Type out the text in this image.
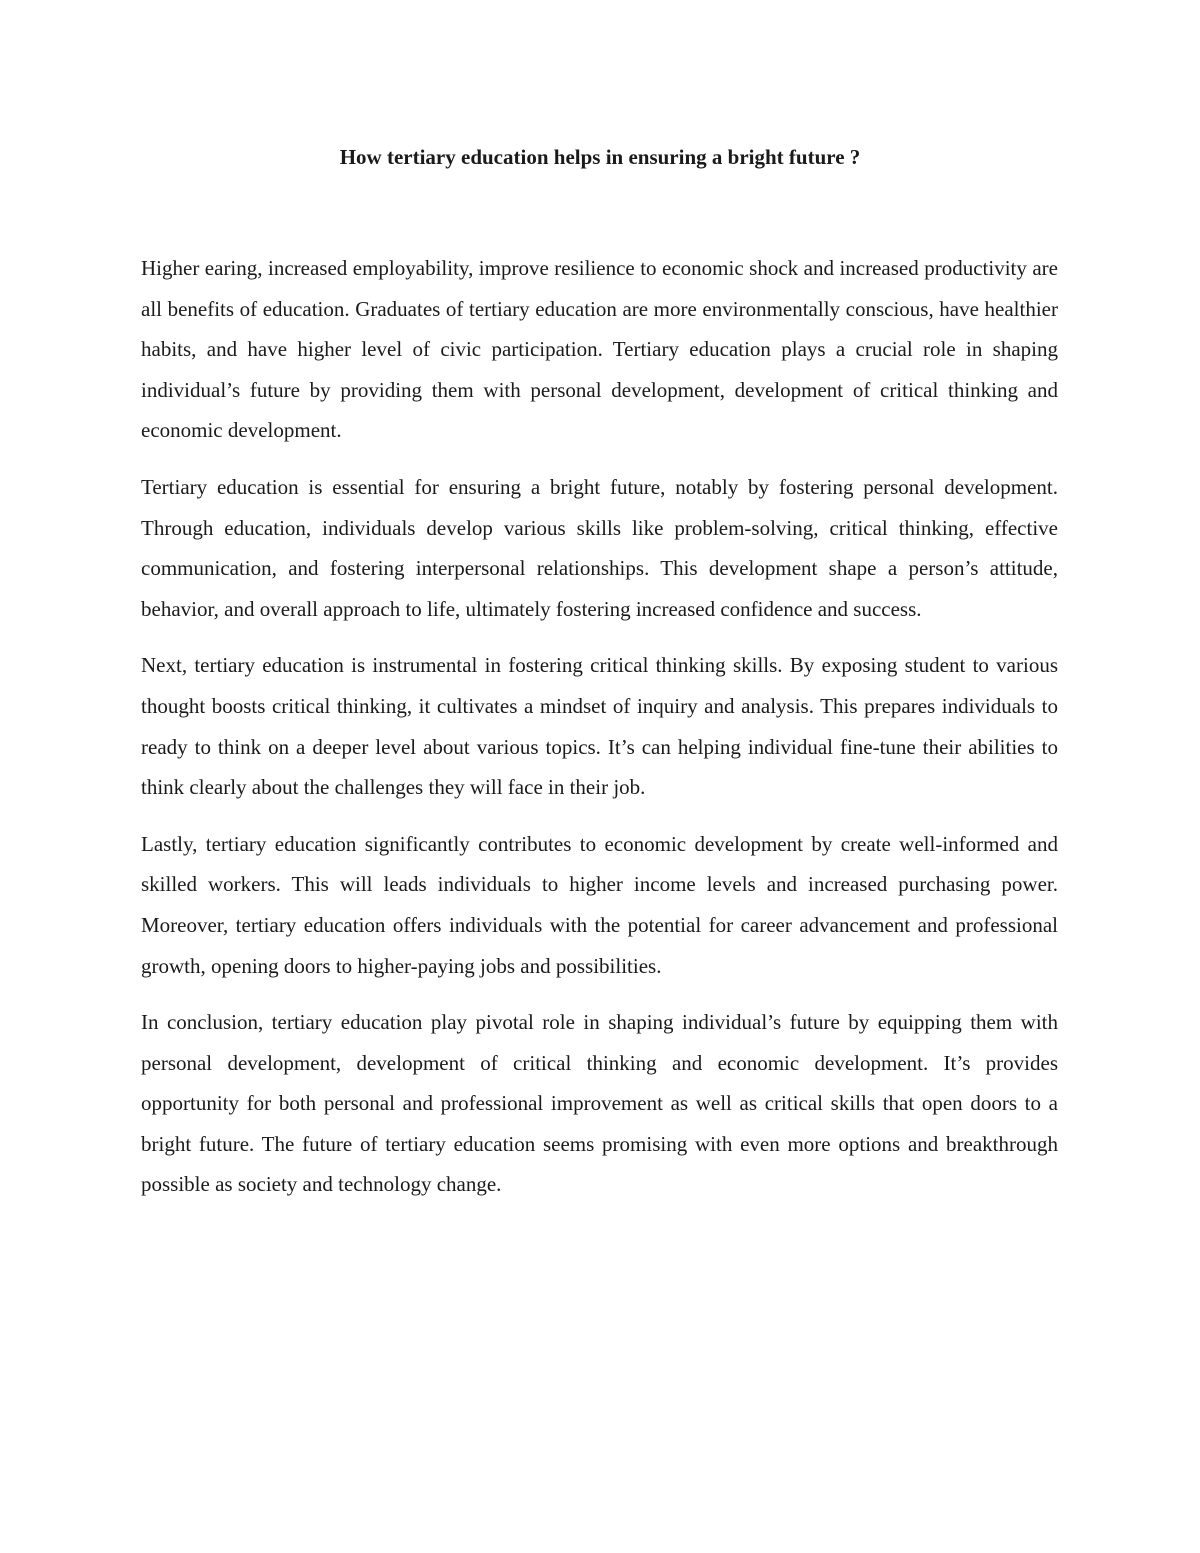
How tertiary education helps in ensuring a bright future ?

Higher earing, increased employability, improve resilience to economic shock and increased productivity are all benefits of education. Graduates of tertiary education are more environmentally conscious, have healthier habits, and have higher level of civic participation. Tertiary education plays a crucial role in shaping individual’s future by providing them with personal development, development of critical thinking and economic development.

Tertiary education is essential for ensuring a bright future, notably by fostering personal development. Through education, individuals develop various skills like problem-solving, critical thinking, effective communication, and fostering interpersonal relationships. This development shape a person’s attitude, behavior, and overall approach to life, ultimately fostering increased confidence and success.

Next, tertiary education is instrumental in fostering critical thinking skills. By exposing student to various thought boosts critical thinking, it cultivates a mindset of inquiry and analysis. This prepares individuals to ready to think on a deeper level about various topics. It’s can helping individual fine-tune their abilities to think clearly about the challenges they will face in their job.

Lastly, tertiary education significantly contributes to economic development by create well-informed and skilled workers. This will leads individuals to higher income levels and increased purchasing power. Moreover, tertiary education offers individuals with the potential for career advancement and professional growth, opening doors to higher-paying jobs and possibilities.

In conclusion, tertiary education play pivotal role in shaping individual’s future by equipping them with personal development, development of critical thinking and economic development. It’s provides opportunity for both personal and professional improvement as well as critical skills that open doors to a bright future. The future of tertiary education seems promising with even more options and breakthrough possible as society and technology change.
